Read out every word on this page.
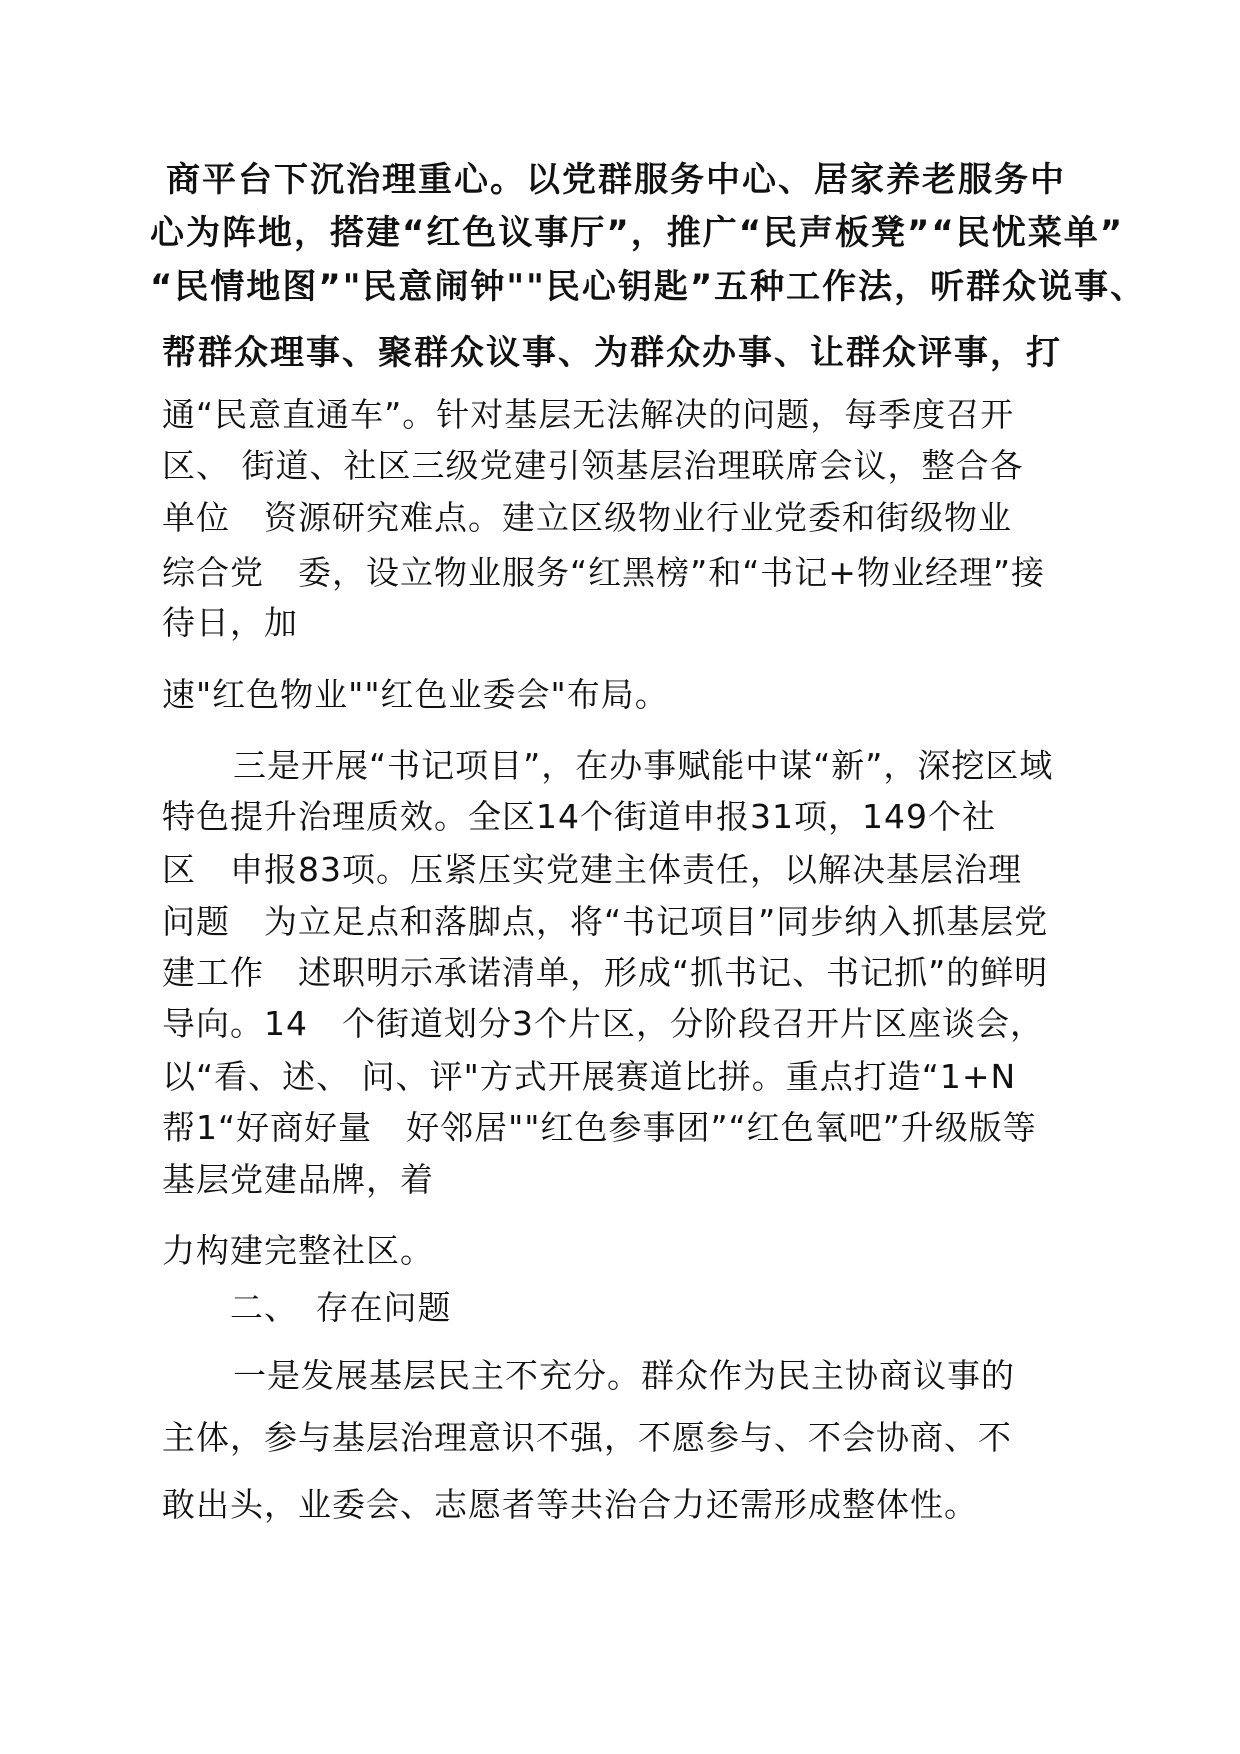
商平台下沉治理重心。以党群服务中心、居家养老服务中
心为阵地，搭建“红色议事厅”，推广“民声板凳”“民忧菜单”
“民情地图”"民意闹钟""民心钥匙”五种工作法，听群众说事、
帮群众理事、聚群众议事、为群众办事、让群众评事，打
通“民意直通车”。针对基层无法解决的问题，每季度召开
区、 街道、社区三级党建引领基层治理联席会议，整合各
单位　资源研究难点。建立区级物业行业党委和街级物业
综合党　委，设立物业服务“红黑榜”和“书记+物业经理”接
待日，加
速"红色物业""红色业委会"布局。
三是开展“书记项目”，在办事赋能中谋“新”，深挖区域
特色提升治理质效。全区14个街道申报31项，149个社
区　申报83项。压紧压实党建主体责任，以解决基层治理
问题　为立足点和落脚点，将“书记项目”同步纳入抓基层党
建工作　述职明示承诺清单，形成“抓书记、书记抓”的鲜明
导向。14　个街道划分3个片区，分阶段召开片区座谈会，
以“看、述、 问、评"方式开展赛道比拼。重点打造“1+N
帮1“好商好量　好邻居""红色参事团”“红色氧吧”升级版等
基层党建品牌，着
力构建完整社区。
二、　存在问题
一是发展基层民主不充分。群众作为民主协商议事的
主体，参与基层治理意识不强，不愿参与、不会协商、不
敢出头，业委会、志愿者等共治合力还需形成整体性。
